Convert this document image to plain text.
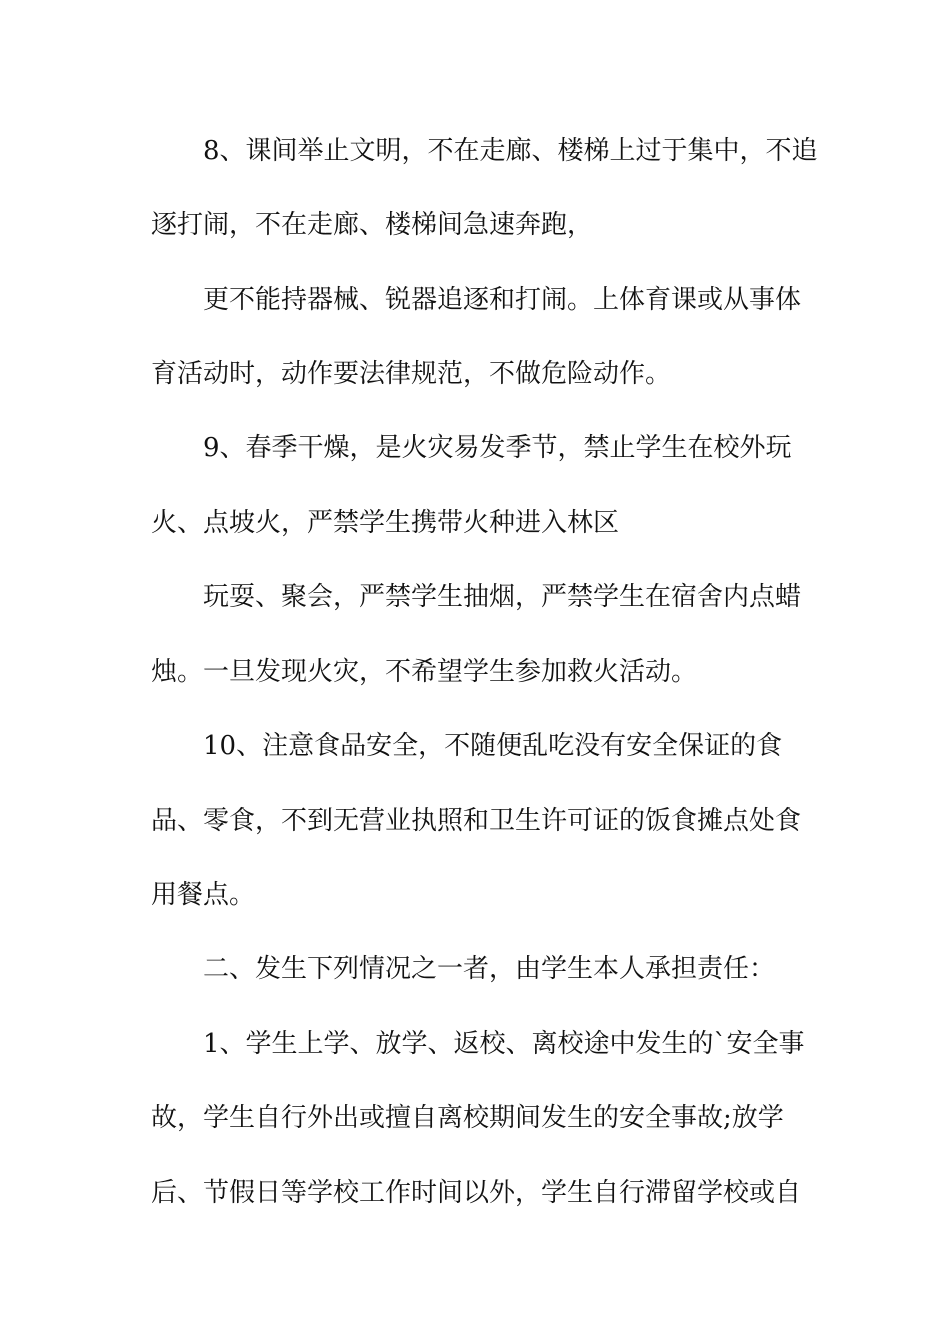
8、课间举止文明，不在走廊、楼梯上过于集中，不追
逐打闹，不在走廊、楼梯间急速奔跑，
更不能持器械、锐器追逐和打闹。上体育课或从事体
育活动时，动作要法律规范，不做危险动作。
9、春季干燥，是火灾易发季节，禁止学生在校外玩
火、点坡火，严禁学生携带火种进入林区
玩耍、聚会，严禁学生抽烟，严禁学生在宿舍内点蜡
烛。一旦发现火灾，不希望学生参加救火活动。
10、注意食品安全，不随便乱吃没有安全保证的食
品、零食，不到无营业执照和卫生许可证的饭食摊点处食
用餐点。
二、发生下列情况之一者，由学生本人承担责任：
1、学生上学、放学、返校、离校途中发生的`安全事
故，学生自行外出或擅自离校期间发生的安全事故;放学
后、节假日等学校工作时间以外，学生自行滞留学校或自
